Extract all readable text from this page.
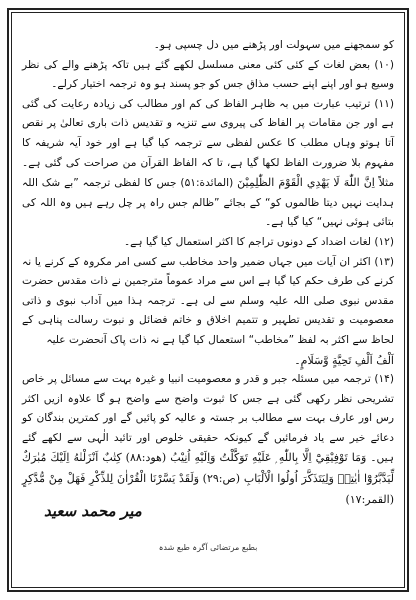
کو سمجھنے میں سہولت اور پڑھنے میں دل چسپی ہو۔

(۱۰) بعض لغات کے کئی کئی معنی مسلسل لکھے گئے ہیں تاکہ پڑھنے والے کی نظر وسیع ہو اور اپنے اپنے حسب مذاق جس کو جو پسند ہو وہ ترجمہ اختیار کرلے۔

(۱۱) ترتیب عبارت میں بہ ظاہر الفاظ کی کم اور مطالب کی زیادہ رعایت کی گئی ہے اور جن مقامات پر الفاظ کی پیروی سے تنزیہ و تقدیس ذات باری تعالیٰ پر نقص آتا ہوتو وہاں مطلب کا عکس لفظی سے ترجمہ کیا گیا ہے اور خود آیہ شریفہ کا مفہوم بلا ضرورت الفاظ لکھا گیا ہے، تا کہ الفاظ القرآن من صراحت کی گئی ہے۔ مثلاً اِنَّ اللّٰهَ لَا يَهْدِي الْقَوْمَ الظّٰلِمِيْنَ (المائدة:۵۱) جس کا لفظی ترجمہ ”بے شک اللہ ہدایت نہیں دیتا ظالموں کو“ کے بجائے ”ظالم جس راہ پر چل رہے ہیں وہ اللہ کی بتائی ہوئی نہیں“ کیا گیا ہے۔

(۱۲) لغات اضداد کے دونوں تراجم کا اکثر استعمال کیا گیا ہے۔

(۱۳) اکثر ان آیات میں جہاں ضمیر واحد مخاطب سے کسی امر مکروہ کے کرنے یا نہ کرنے کی طرف حکم کیا گیا ہے اس سے مراد عموماً مترجمین نے ذات مقدس حضرت مقدس نبوی صلی اللہ علیہ وسلم سے لی ہے۔ ترجمہ ہذا میں آداب نبوی و ذاتی معصومیت و تقدیس تطہیر و تتمیم اخلاق و خاتم فضائل و نبوت رسالت پناہی کے لحاظ سے اکثر بہ لفظ ”مخاطب“ استعمال کیا گیا ہے نہ ذات پاک آنحضرت علیہ

اَلْفُ اَلْفِ تَحِيَّةٍ وَّسَلَامٍ۔

(۱۴) ترجمہ میں مسئلہ جبر و قدر و معصومیت انبیا و غیرہ بہت سے مسائل پر خاص تشریحی نظر رکھی گئی ہے جس کا ثبوت واضح سے واضح ہو گا علاوہ ازیں اکثر رس اور عارف بہت سے مطالب بر جستہ و عالیہ کو پائیں گے اور کمترین بندگان کو دعائے خیر سے یاد فرمائیں گے کیونکہ حقیقی خلوص اور تائید الٰہی سے لکھے گئے ہیں۔ وَمَا تَوْفِيْقِيْٓ اِلَّا بِاللّٰهِ ۭ عَلَيْهِ تَوَكَّلْتُ وَاِلَيْهِ اُنِيْبُ (هود:۸۸) كِتٰبٌ اَنْزَلْنٰهُ اِلَيْكَ مُبٰرَكٌ لِّيَدَّبَّرُوْٓا اٰيٰتِهٖ وَلِيَتَذَكَّرَ اُولُوا الْاَلْبَابِ (ص:۲۹) وَلَقَدْ يَسَّرْنَا الْقُرْاٰنَ لِلذِّكْرِ فَهَلْ مِنْ مُّدَّكِرٍ (القمر:۱۷)

میر محمد سعید
بطبع مرتضائی آگرہ طبع شدہ
